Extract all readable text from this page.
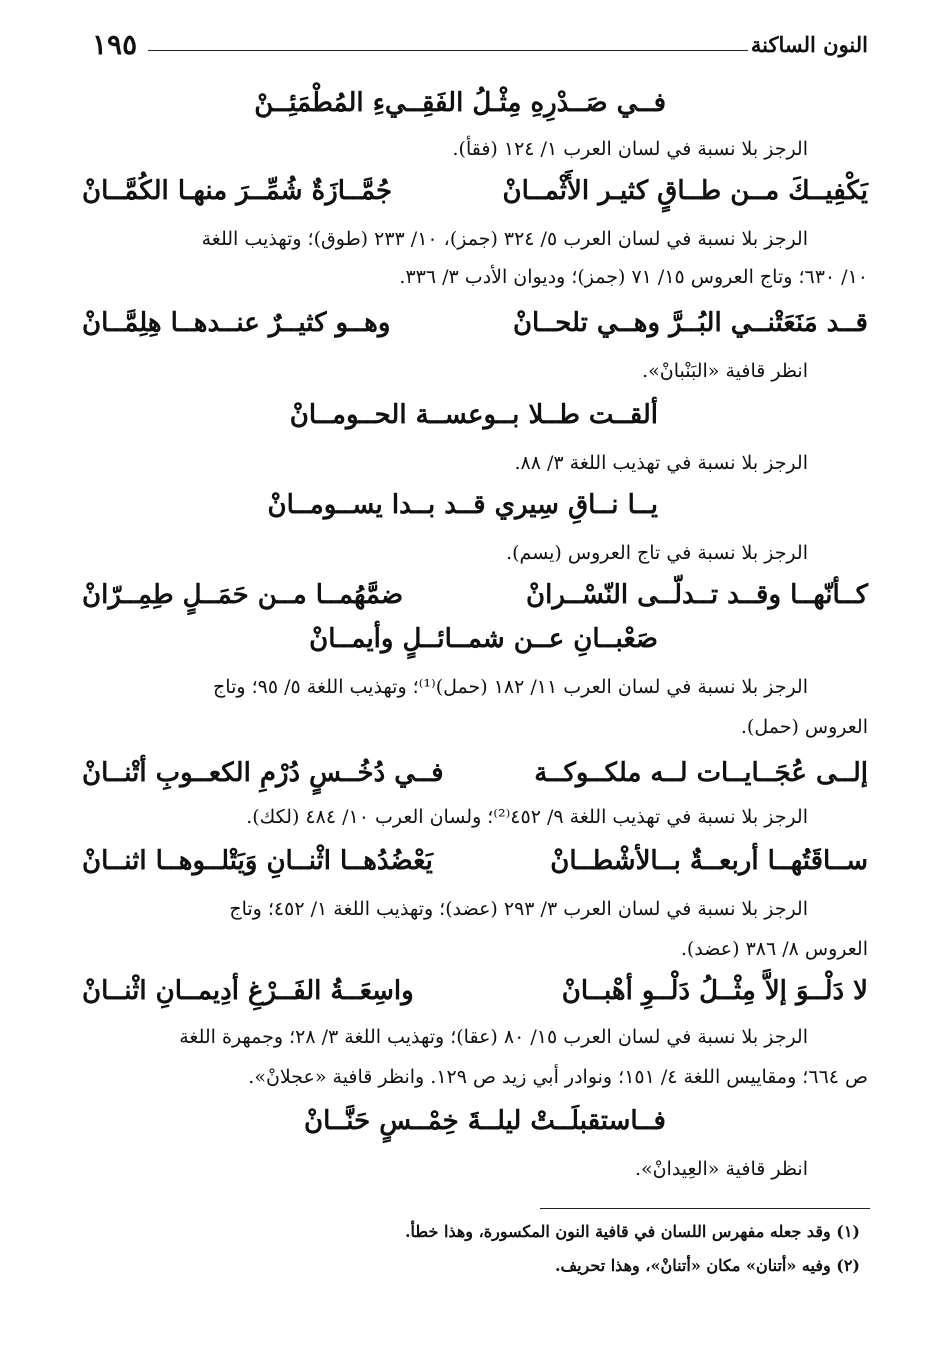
النون الساكنة
١٩٥
فــي صَــدْرِهِ مِثْـلُ الفَقِــيءِ المُطْمَئِــنْ
الرجز بلا نسبة في لسان العرب ١/ ١٢٤ (فقأ).
يَكْفِيــكَ مــن طــاقٍ كثيـر الأَثْمــانْ
جُمَّــازَةٌ شُمِّــرَ منهـا الكُمَّــانْ
الرجز بلا نسبة في لسان العرب ٥/ ٣٢٤ (جمز)، ١٠/ ٢٣٣ (طوق)؛ وتهذيب اللغة
١٠/ ٦٣٠؛ وتاج العروس ١٥/ ٧١ (جمز)؛ وديوان الأدب ٣/ ٣٣٦.
قــد مَنَعَتْنــي البُــرَّ وهــي تلحــانْ
وهــو كثيــرٌ عنــدهــا هِلِمَّــانْ
انظر قافية «البَنْبانْ».
ألقــت طــلا بــوعســة الحــومــانْ
الرجز بلا نسبة في تهذيب اللغة ٣/ ٨٨.
يــا نــاقِ سِيري قــد بــدا يســومــانْ
الرجز بلا نسبة في تاج العروس (يسم).
كــأنّهــا وقــد تــدلّــى النّسْــرانْ
ضمَّهُمــا مــن حَمَــلٍ طِمِــرّانْ
صَعْبــانِ عــن شمــائــلٍ وأيمــانْ
الرجز بلا نسبة في لسان العرب ١١/ ١٨٢ (حمل)⁽¹⁾؛ وتهذيب اللغة ٥/ ٩٥؛ وتاج
العروس (حمل).
إلــى عُجَــايــات لــه ملكــوكــة
فــي دُخُــسٍ دُرْمِ الكعــوبِ أتْنــانْ
الرجز بلا نسبة في تهذيب اللغة ٩/ ٤٥٢⁽²⁾؛ ولسان العرب ١٠/ ٤٨٤ (لكك).
ســاقَتُهــا أربعــةٌ بــالأشْطــانْ
يَعْضُدُهــا اثْنــانِ وَيَتْلــوهــا اثنــانْ
الرجز بلا نسبة في لسان العرب ٣/ ٢٩٣ (عضد)؛ وتهذيب اللغة ١/ ٤٥٢؛ وتاج
العروس ٨/ ٣٨٦ (عضد).
لا دَلْــوَ إلاَّ مِثْــلُ دَلْــوِ أهْبــانْ
واسِعَــةُ الفَــرْغِ أدِيمــانِ اثْنــانْ
الرجز بلا نسبة في لسان العرب ١٥/ ٨٠ (عقا)؛ وتهذيب اللغة ٣/ ٢٨؛ وجمهرة اللغة
ص ٦٦٤؛ ومقاييس اللغة ٤/ ١٥١؛ ونوادر أبي زيد ص ١٢٩. وانظر قافية «عجلانْ».
فــاستقبلَــتْ ليلــةَ خِمْــسٍ حَنَّــانْ
انظر قافية «العِيدانْ».
(١) وقد جعله مفهرس اللسان في قافية النون المكسورة، وهذا خطأ.
(٢) وفيه «أتنان» مكان «أتنانْ»، وهذا تحريف.
